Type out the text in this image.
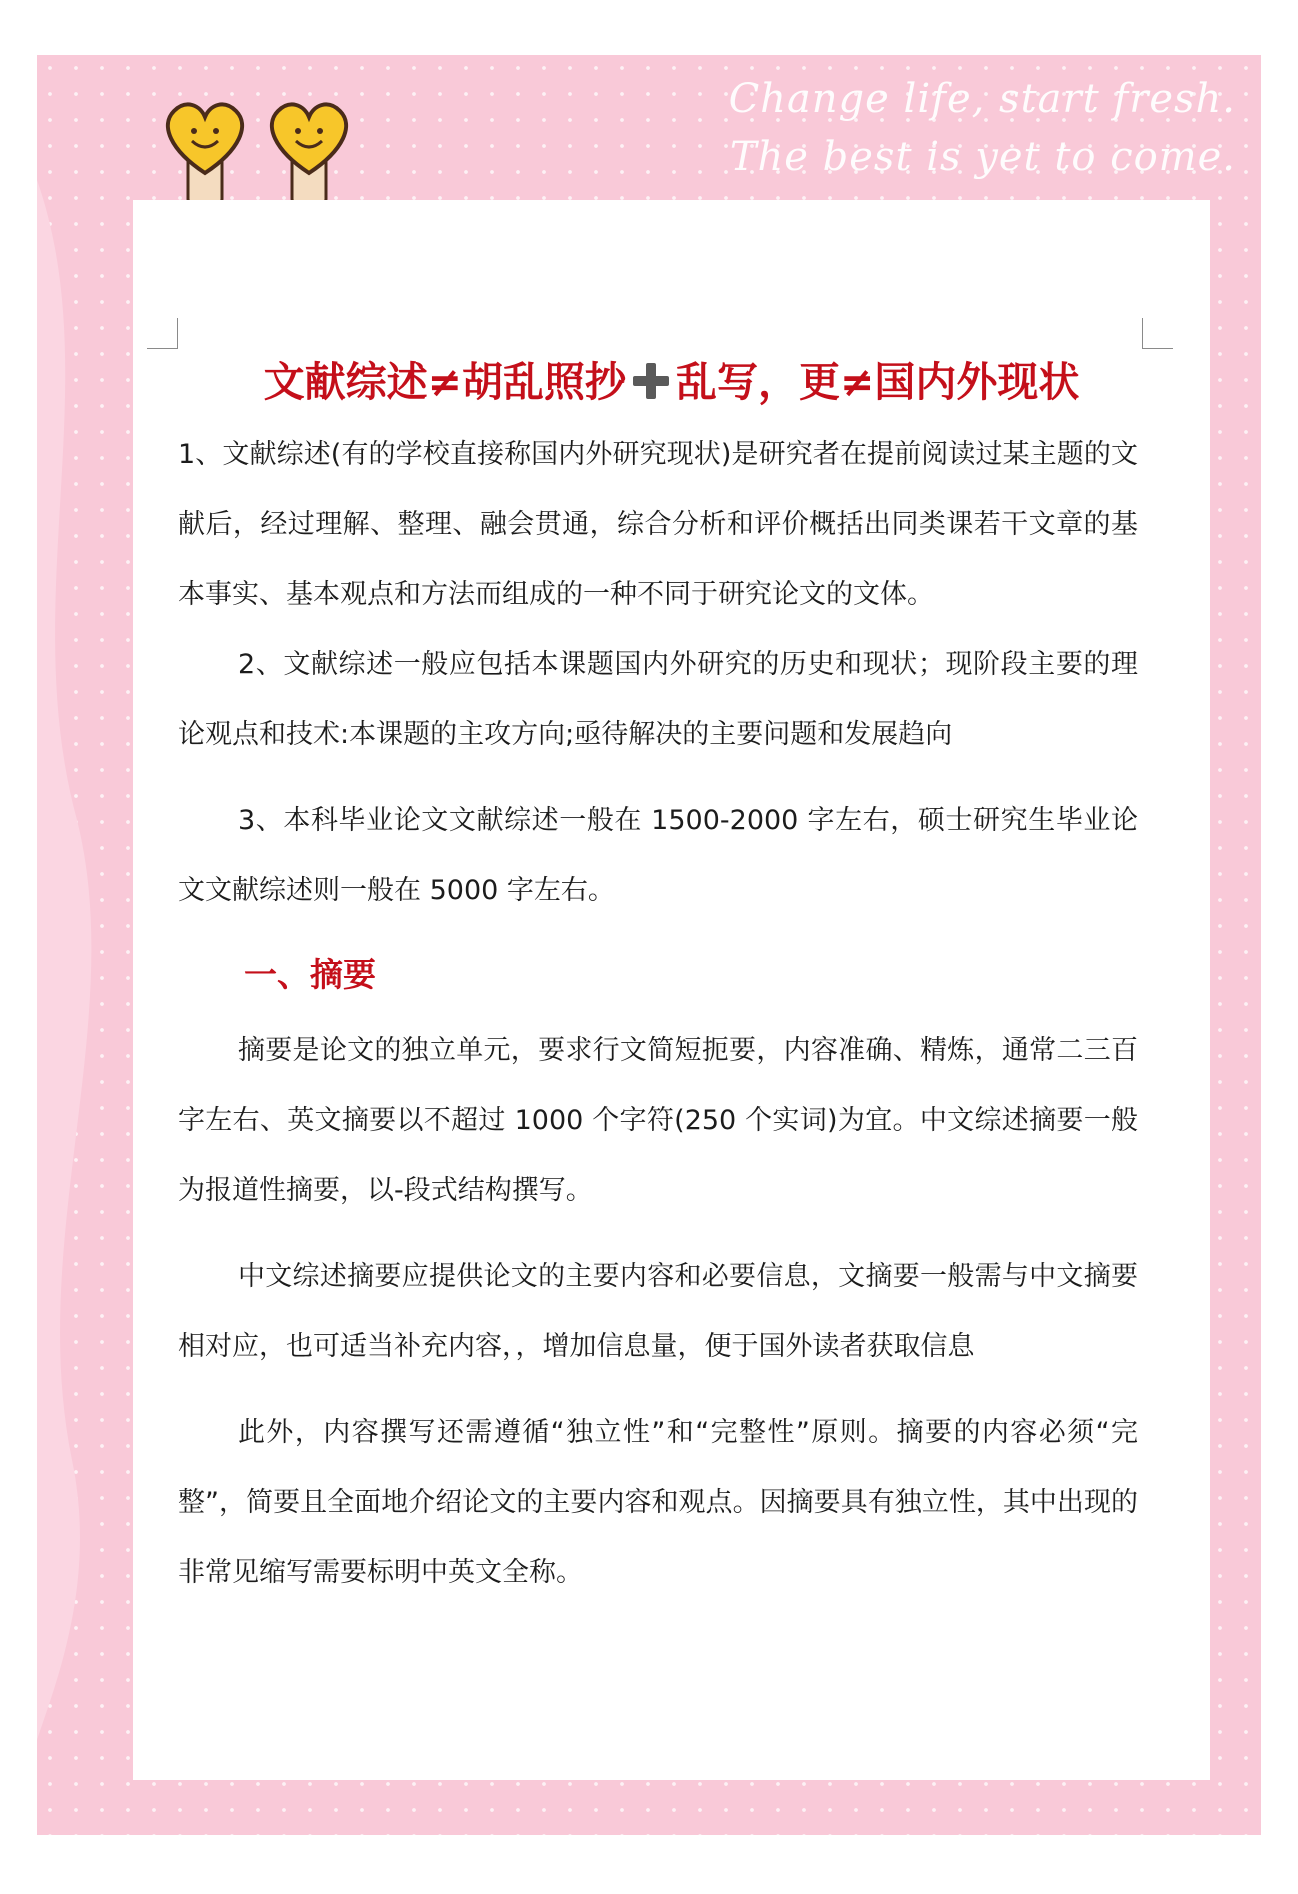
Change life, start fresh.
The best is yet to come.
文献综述≠胡乱照抄 乱写，更≠国内外现状

1、文献综述(有的学校直接称国内外研究现状)是研究者在提前阅读过某主题的文献后，经过理解、整理、融会贯通，综合分析和评价概括出同类课若干文章的基本事实、基本观点和方法而组成的一种不同于研究论文的文体。

2、文献综述一般应包括本课题国内外研究的历史和现状；现阶段主要的理论观点和技术:本课题的主攻方向;亟待解决的主要问题和发展趋向

3、本科毕业论文文献综述一般在 1500-2000 字左右，硕士研究生毕业论文文献综述则一般在 5000 字左右。

一、摘要

摘要是论文的独立单元，要求行文简短扼要，内容准确、精炼，通常二三百字左右、英文摘要以不超过 1000 个字符(250 个实词)为宜。中文综述摘要一般为报道性摘要，以-段式结构撰写。

中文综述摘要应提供论文的主要内容和必要信息，文摘要一般需与中文摘要相对应，也可适当补充内容，，增加信息量，便于国外读者获取信息

此外，内容撰写还需遵循“独立性”和“完整性”原则。摘要的内容必须“完整”，简要且全面地介绍论文的主要内容和观点。因摘要具有独立性，其中出现的非常见缩写需要标明中英文全称。
